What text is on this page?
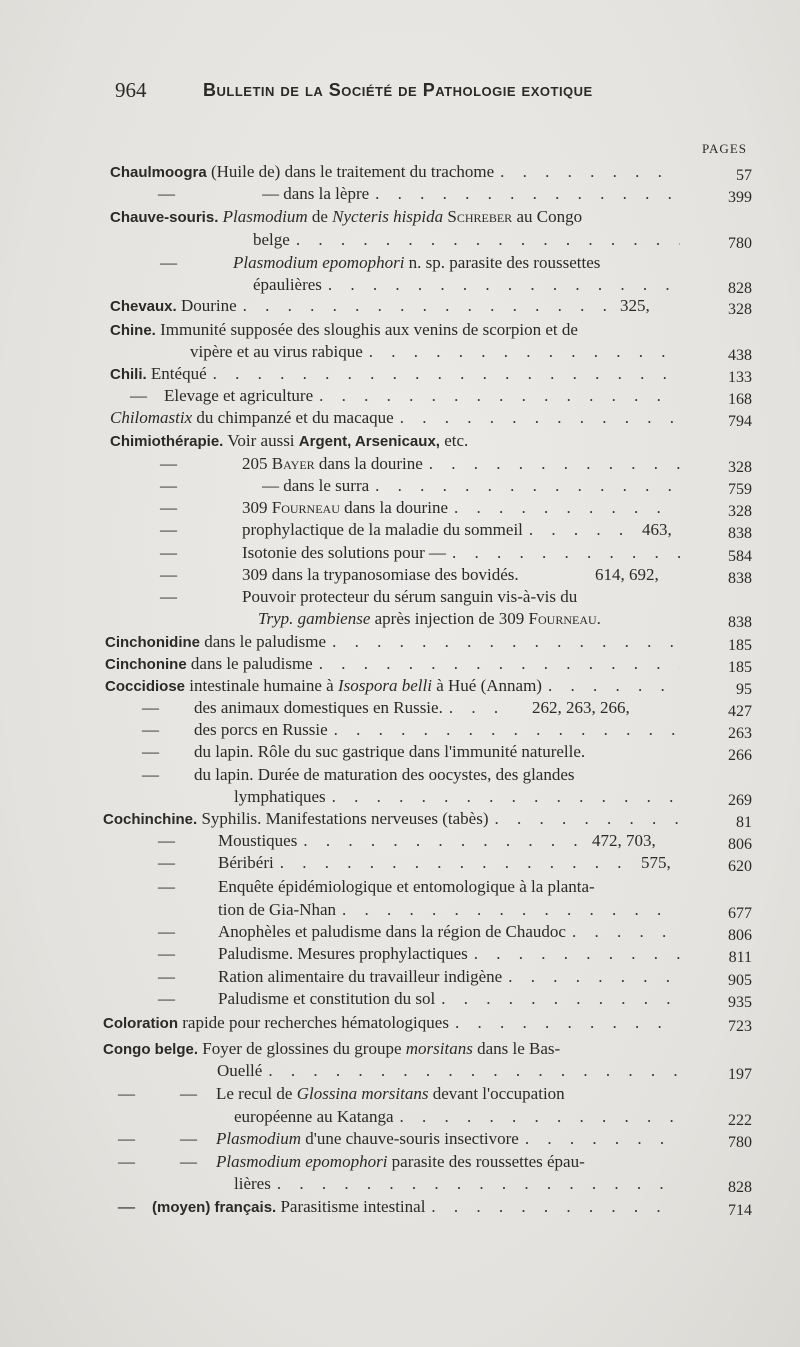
964	Bulletin de la Société de Pathologie exotique
PAGES
Chaulmoogra (Huile de) dans le traitement du trachome . . .	57
—	— dans la lèpre . . .	399
Chauve-souris. Plasmodium de Nycteris hispida Schreber au Congo
belge . . .	780
—	Plasmodium epomophori n. sp. parasite des roussettes
épaulières . . .	828
Chevaux. Dourine . . .	325,	328
Chine. Immunité supposée des sloughis aux venins de scorpion et de
vipère et au virus rabique . . .	438
Chili. Entéqué . . .	133
— Elevage et agriculture . . .	168
Chilomastix du chimpanzé et du macaque . . .	794
Chimiothérapie. Voir aussi Argent, Arsenicaux, etc.
—	205 Bayer dans la dourine . . .	328
—	— dans le surra . . .	759
—	309 Fourneau dans la dourine . . .	328
—	prophylactique de la maladie du sommeil . . .	463,	838
—	Isotonie des solutions pour — . . .	584
—	309 dans la trypanosomiase des bovidés.	614, 692,	838
—	Pouvoir protecteur du sérum sanguin vis-à-vis du
Tryp. gambiense après injection de 309 Fourneau.	838
Cinchonidine dans le paludisme . . .	185
Cinchonine dans le paludisme . . .	185
Coccidiose intestinale humaine à Isospora belli à Hué (Annam) . . .	95
— des animaux domestiques en Russie. . . .	262, 263, 266,	427
— des porcs en Russie . . .	263
— du lapin. Rôle du suc gastrique dans l'immunité naturelle.	266
— du lapin. Durée de maturation des oocystes, des glandes
lymphatiques . . .	269
Cochinchine. Syphilis. Manifestations nerveuses (tabès) . . .	81
—	Moustiques . . .	472, 703,	806
—	Béribéri . . .	575,	620
—	Enquête épidémiologique et entomologique à la planta-
tion de Gia-Nhan . . .	677
—	Anophèles et paludisme dans la région de Chaudoc . . .	806
—	Paludisme. Mesures prophylactiques . . .	811
—	Ration alimentaire du travailleur indigène . . .	905
—	Paludisme et constitution du sol . . .	935
Coloration rapide pour recherches hématologiques . . .	723
Congo belge. Foyer de glossines du groupe morsitans dans le Bas-
Ouellé . . .	197
—	— Le recul de Glossina morsitans devant l'occupation
européenne au Katanga . . .	222
—	— Plasmodium d'une chauve-souris insectivore . . .	780
—	— Plasmodium epomophori parasite des roussettes épau-
lières . . .	828
— (moyen) français. Parasitisme intestinal . . .	714
